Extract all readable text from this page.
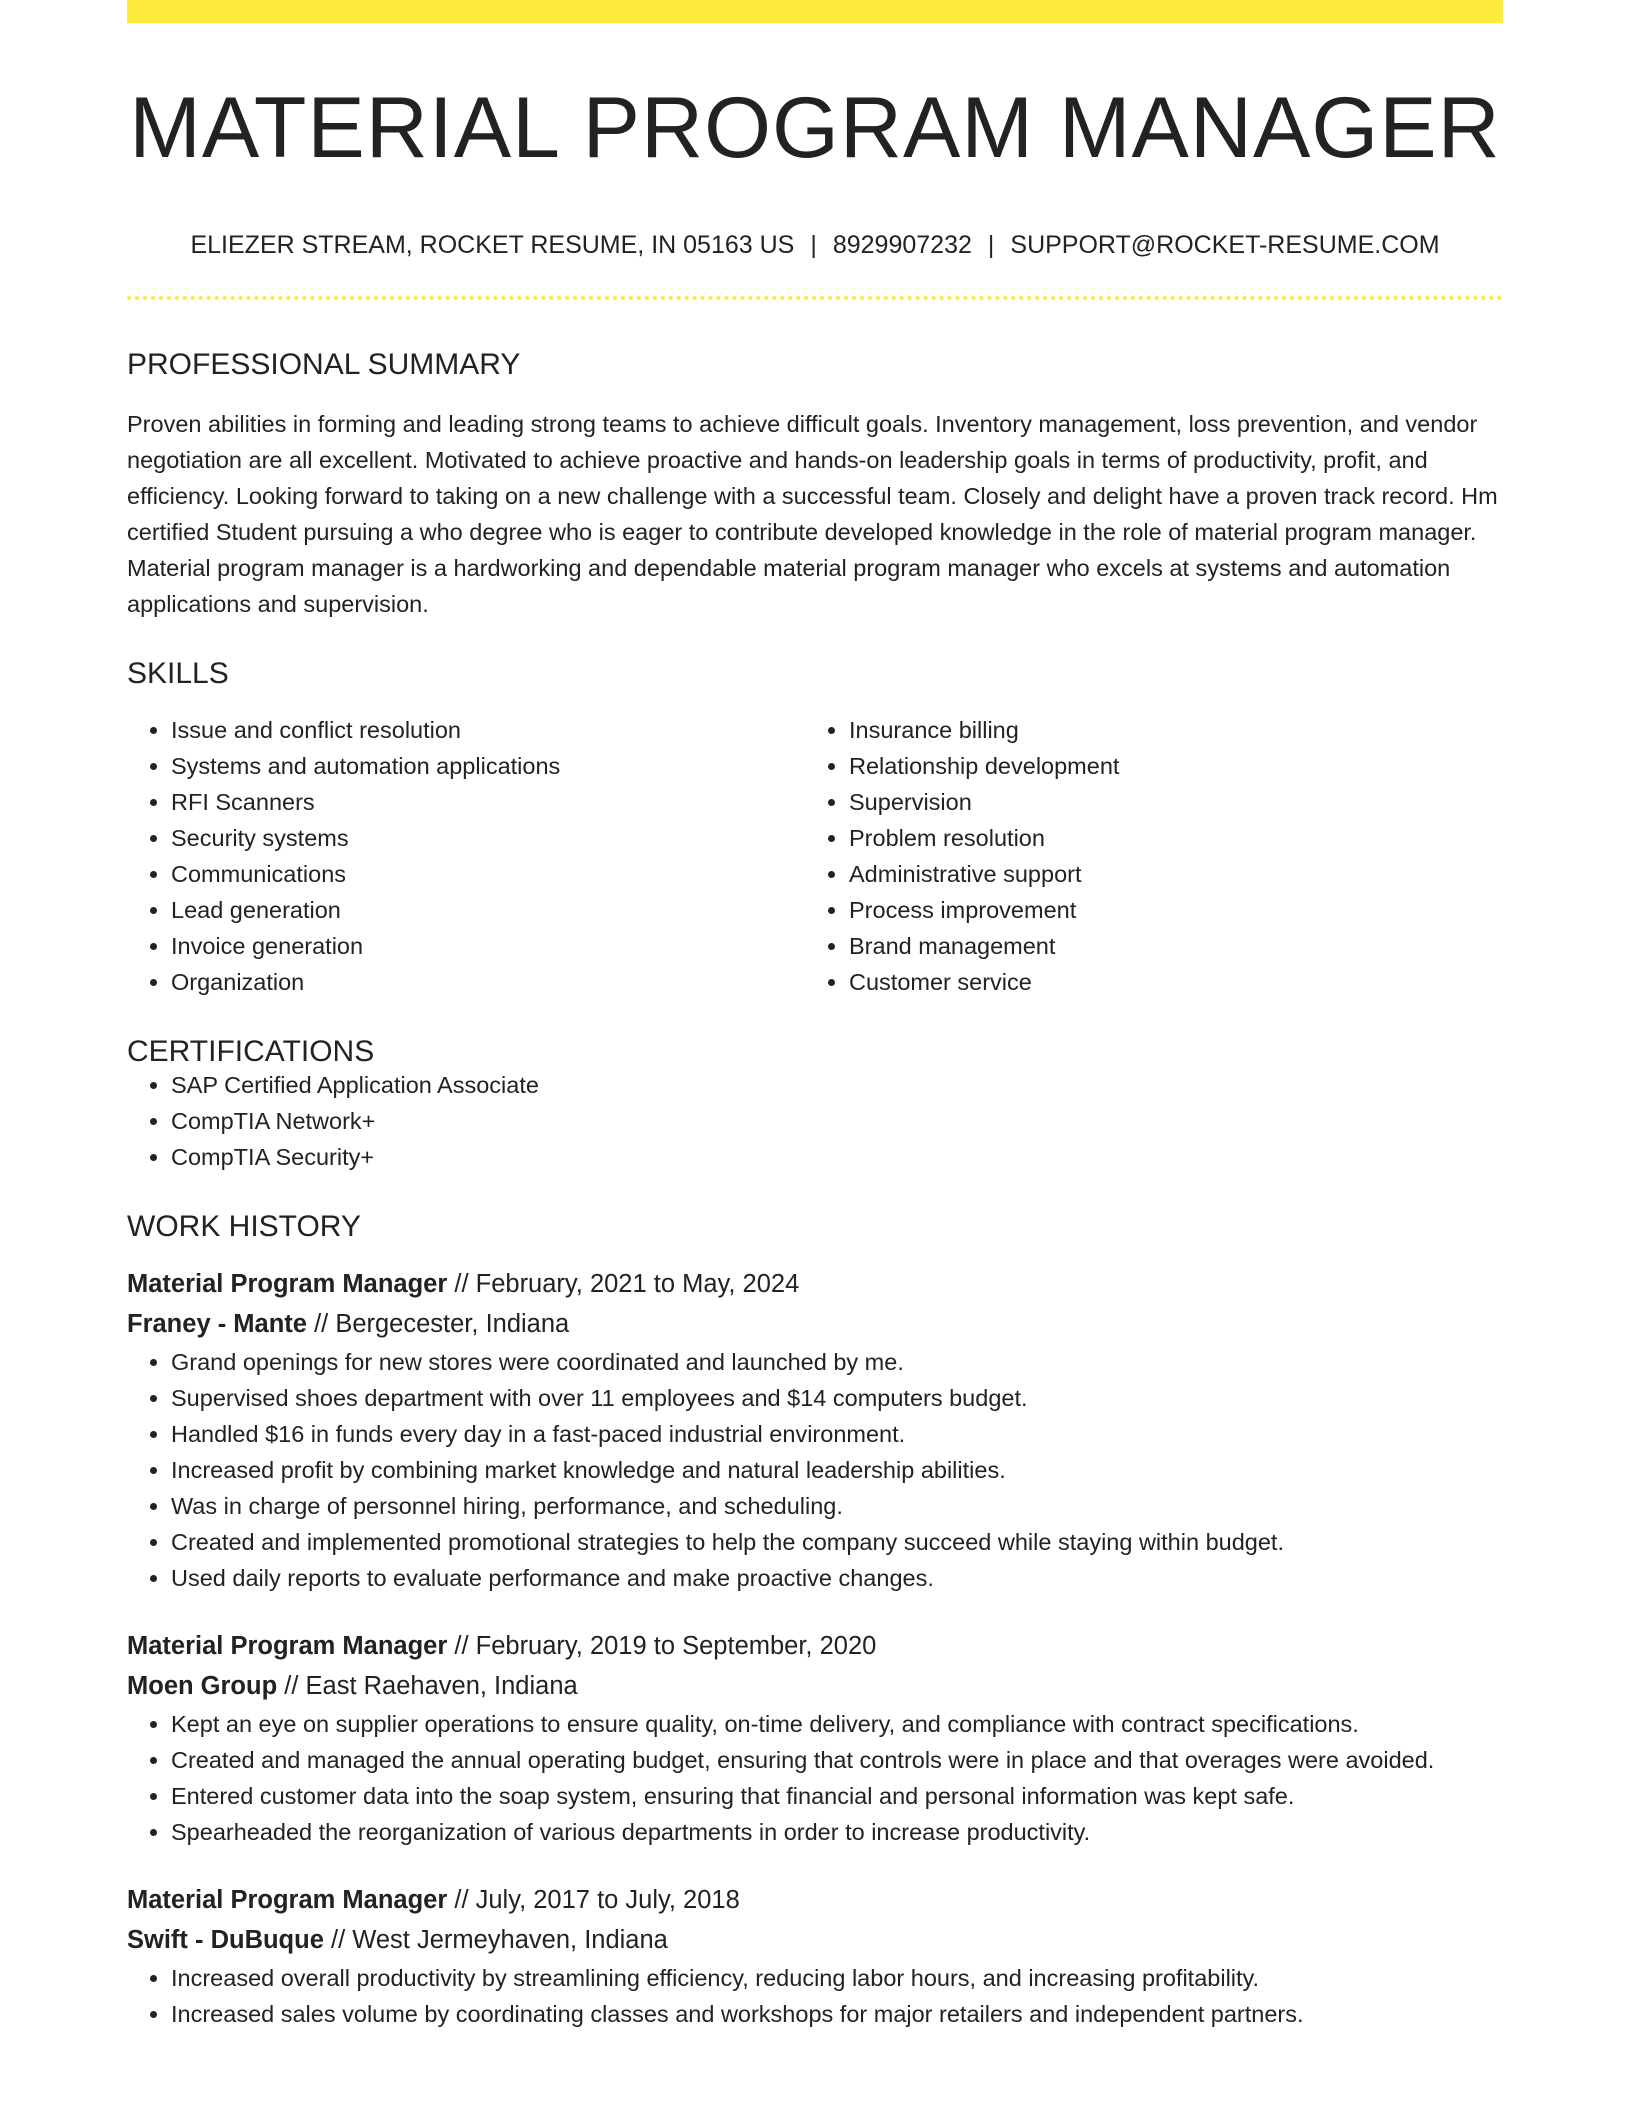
MATERIAL PROGRAM MANAGER
ELIEZER STREAM, ROCKET RESUME, IN 05163 US | 8929907232 | SUPPORT@ROCKET-RESUME.COM
PROFESSIONAL SUMMARY

Proven abilities in forming and leading strong teams to achieve difficult goals. Inventory management, loss prevention, and vendor negotiation are all excellent. Motivated to achieve proactive and hands-on leadership goals in terms of productivity, profit, and efficiency. Looking forward to taking on a new challenge with a successful team. Closely and delight have a proven track record. Hm certified Student pursuing a who degree who is eager to contribute developed knowledge in the role of material program manager. Material program manager is a hardworking and dependable material program manager who excels at systems and automation applications and supervision.

SKILLS
• Issue and conflict resolution
• Systems and automation applications
• RFI Scanners
• Security systems
• Communications
• Lead generation
• Invoice generation
• Organization
• Insurance billing
• Relationship development
• Supervision
• Problem resolution
• Administrative support
• Process improvement
• Brand management
• Customer service
CERTIFICATIONS
• SAP Certified Application Associate
• CompTIA Network+
• CompTIA Security+
WORK HISTORY
Material Program Manager // February, 2021 to May, 2024
Franey - Mante // Bergecester, Indiana
• Grand openings for new stores were coordinated and launched by me.
• Supervised shoes department with over 11 employees and $14 computers budget.
• Handled $16 in funds every day in a fast-paced industrial environment.
• Increased profit by combining market knowledge and natural leadership abilities.
• Was in charge of personnel hiring, performance, and scheduling.
• Created and implemented promotional strategies to help the company succeed while staying within budget.
• Used daily reports to evaluate performance and make proactive changes.
Material Program Manager // February, 2019 to September, 2020
Moen Group // East Raehaven, Indiana
• Kept an eye on supplier operations to ensure quality, on-time delivery, and compliance with contract specifications.
• Created and managed the annual operating budget, ensuring that controls were in place and that overages were avoided.
• Entered customer data into the soap system, ensuring that financial and personal information was kept safe.
• Spearheaded the reorganization of various departments in order to increase productivity.
Material Program Manager // July, 2017 to July, 2018
Swift - DuBuque // West Jermeyhaven, Indiana
• Increased overall productivity by streamlining efficiency, reducing labor hours, and increasing profitability.
• Increased sales volume by coordinating classes and workshops for major retailers and independent partners.
